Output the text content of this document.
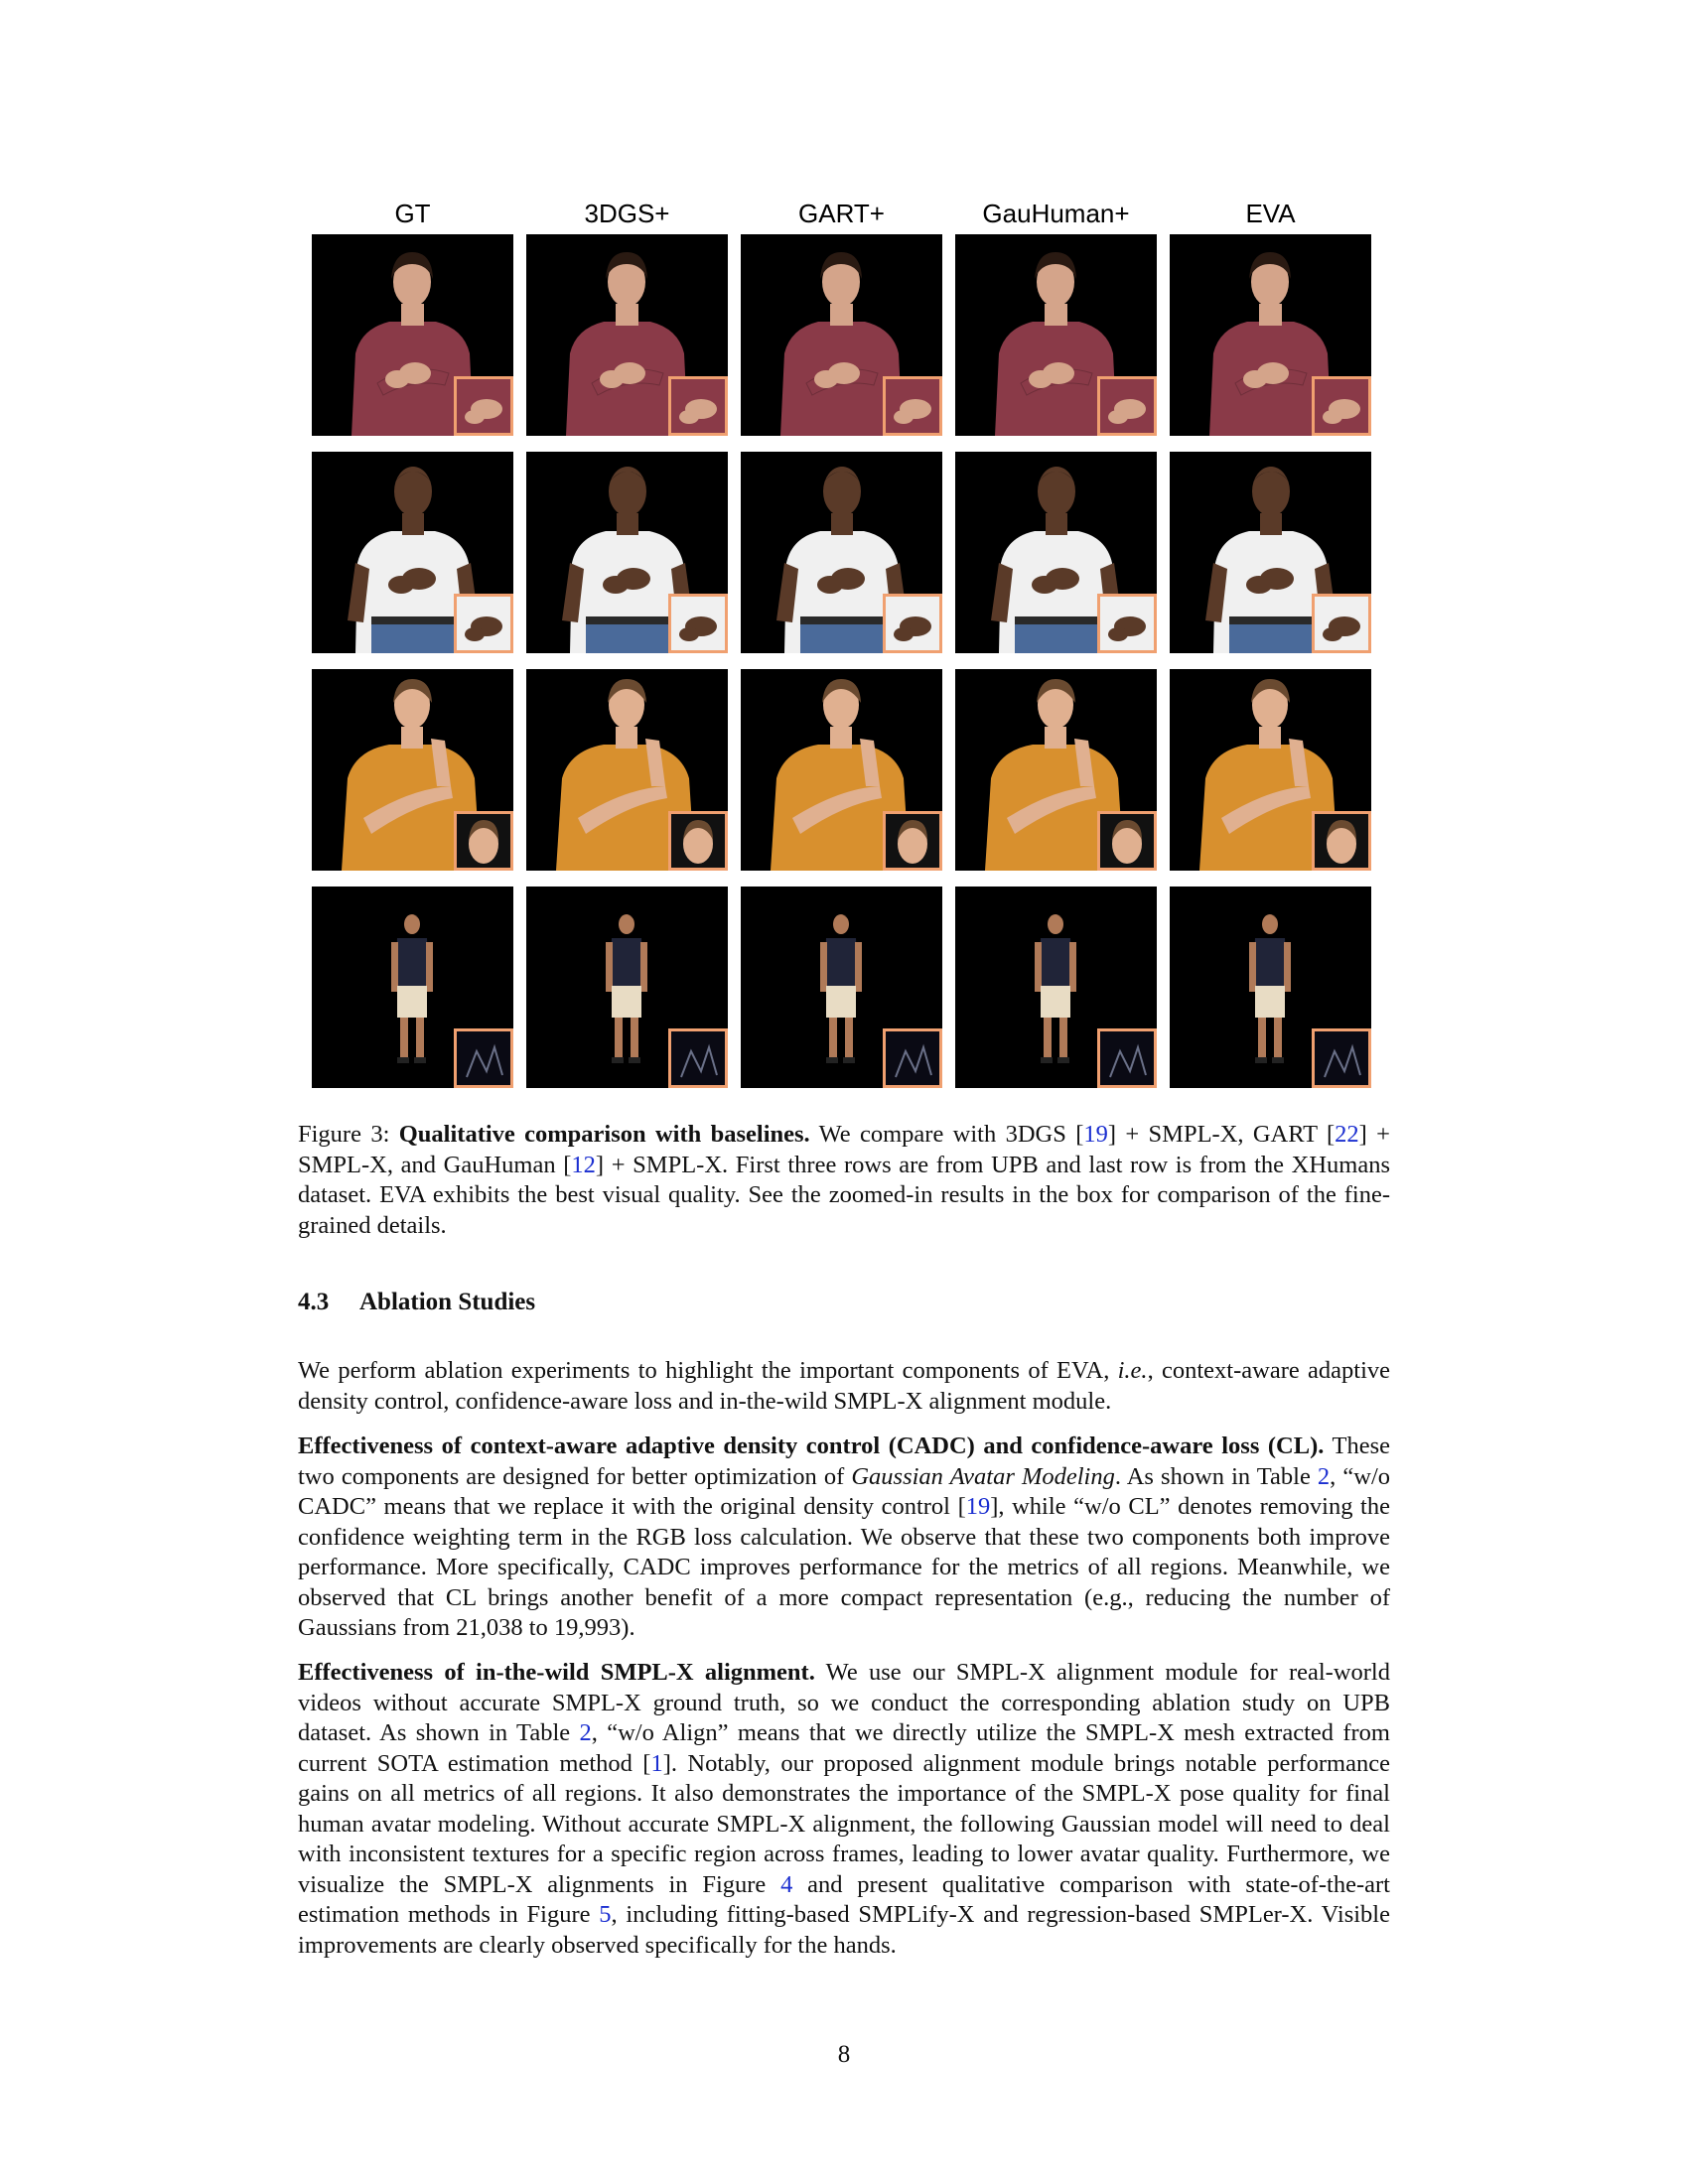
GT	3DGS+	GART+	GauHuman+	EVA

Figure 3: Qualitative comparison with baselines. We compare with 3DGS [19] + SMPL-X, GART [22] + SMPL-X, and GauHuman [12] + SMPL-X. First three rows are from UPB and last row is from the XHumans dataset. EVA exhibits the best visual quality. See the zoomed-in results in the box for comparison of the fine-grained details.

4.3 Ablation Studies

We perform ablation experiments to highlight the important components of EVA, i.e., context-aware adaptive density control, confidence-aware loss and in-the-wild SMPL-X alignment module.

Effectiveness of context-aware adaptive density control (CADC) and confidence-aware loss (CL). These two components are designed for better optimization of Gaussian Avatar Modeling. As shown in Table 2, “w/o CADC” means that we replace it with the original density control [19], while “w/o CL” denotes removing the confidence weighting term in the RGB loss calculation. We observe that these two components both improve performance. More specifically, CADC improves performance for the metrics of all regions. Meanwhile, we observed that CL brings another benefit of a more compact representation (e.g., reducing the number of Gaussians from 21,038 to 19,993).

Effectiveness of in-the-wild SMPL-X alignment. We use our SMPL-X alignment module for real-world videos without accurate SMPL-X ground truth, so we conduct the corresponding ablation study on UPB dataset. As shown in Table 2, “w/o Align” means that we directly utilize the SMPL-X mesh extracted from current SOTA estimation method [1]. Notably, our proposed alignment module brings notable performance gains on all metrics of all regions. It also demonstrates the importance of the SMPL-X pose quality for final human avatar modeling. Without accurate SMPL-X alignment, the following Gaussian model will need to deal with inconsistent textures for a specific region across frames, leading to lower avatar quality. Furthermore, we visualize the SMPL-X alignments in Figure 4 and present qualitative comparison with state-of-the-art estimation methods in Figure 5, including fitting-based SMPLify-X and regression-based SMPLer-X. Visible improvements are clearly observed specifically for the hands.

8
